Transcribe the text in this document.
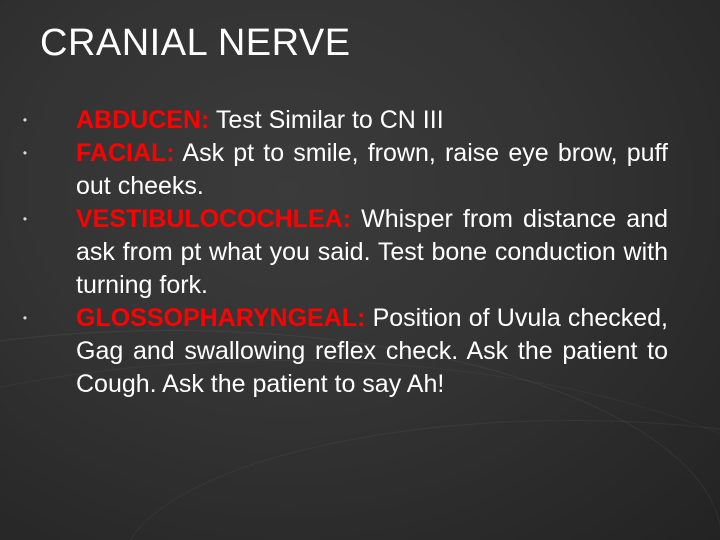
CRANIAL NERVE
• ABDUCEN: Test Similar to CN III
• FACIAL: Ask pt to smile, frown, raise eye brow, puff out cheeks.
• VESTIBULOCOCHLEA: Whisper from distance and ask from pt what you said. Test bone conduction with turning fork.
• GLOSSOPHARYNGEAL: Position of Uvula checked, Gag and swallowing reflex check. Ask the patient to Cough. Ask the patient to say Ah!
